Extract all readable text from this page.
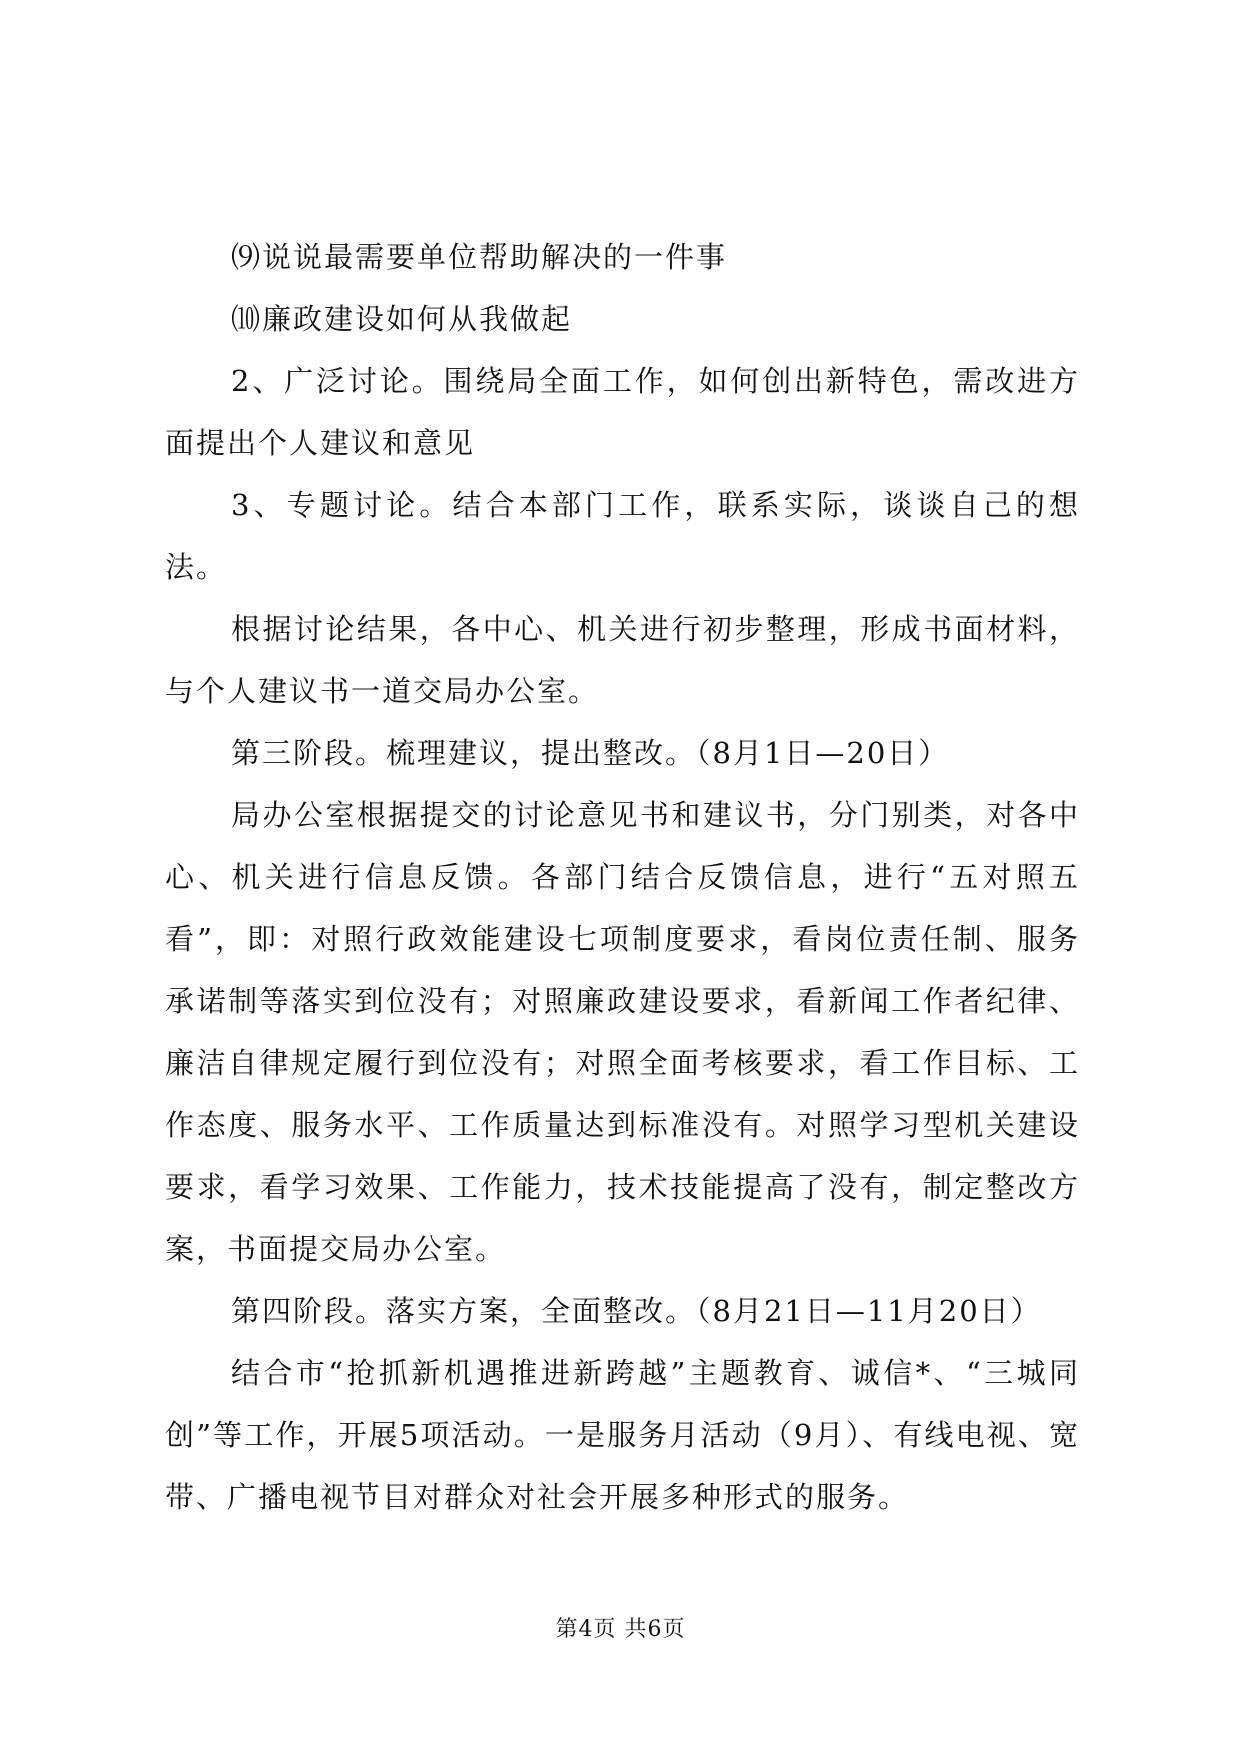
⑼说说最需要单位帮助解决的一件事

⑽廉政建设如何从我做起

2、广泛讨论。围绕局全面工作，如何创出新特色，需改进方面提出个人建议和意见

3、专题讨论。结合本部门工作，联系实际，谈谈自己的想法。

根据讨论结果，各中心、机关进行初步整理，形成书面材料，与个人建议书一道交局办公室。

第三阶段。梳理建议，提出整改。（8月1日—20日）

局办公室根据提交的讨论意见书和建议书，分门别类，对各中心、机关进行信息反馈。各部门结合反馈信息，进行“五对照五看”，即：对照行政效能建设七项制度要求，看岗位责任制、服务承诺制等落实到位没有；对照廉政建设要求，看新闻工作者纪律、廉洁自律规定履行到位没有；对照全面考核要求，看工作目标、工作态度、服务水平、工作质量达到标准没有。对照学习型机关建设要求，看学习效果、工作能力，技术技能提高了没有，制定整改方案，书面提交局办公室。

第四阶段。落实方案，全面整改。（8月21日—11月20日）

结合市“抢抓新机遇推进新跨越”主题教育、诚信*、“三城同创”等工作，开展5项活动。一是服务月活动（9月）、有线电视、宽带、广播电视节目对群众对社会开展多种形式的服务。

第4页 共6页
